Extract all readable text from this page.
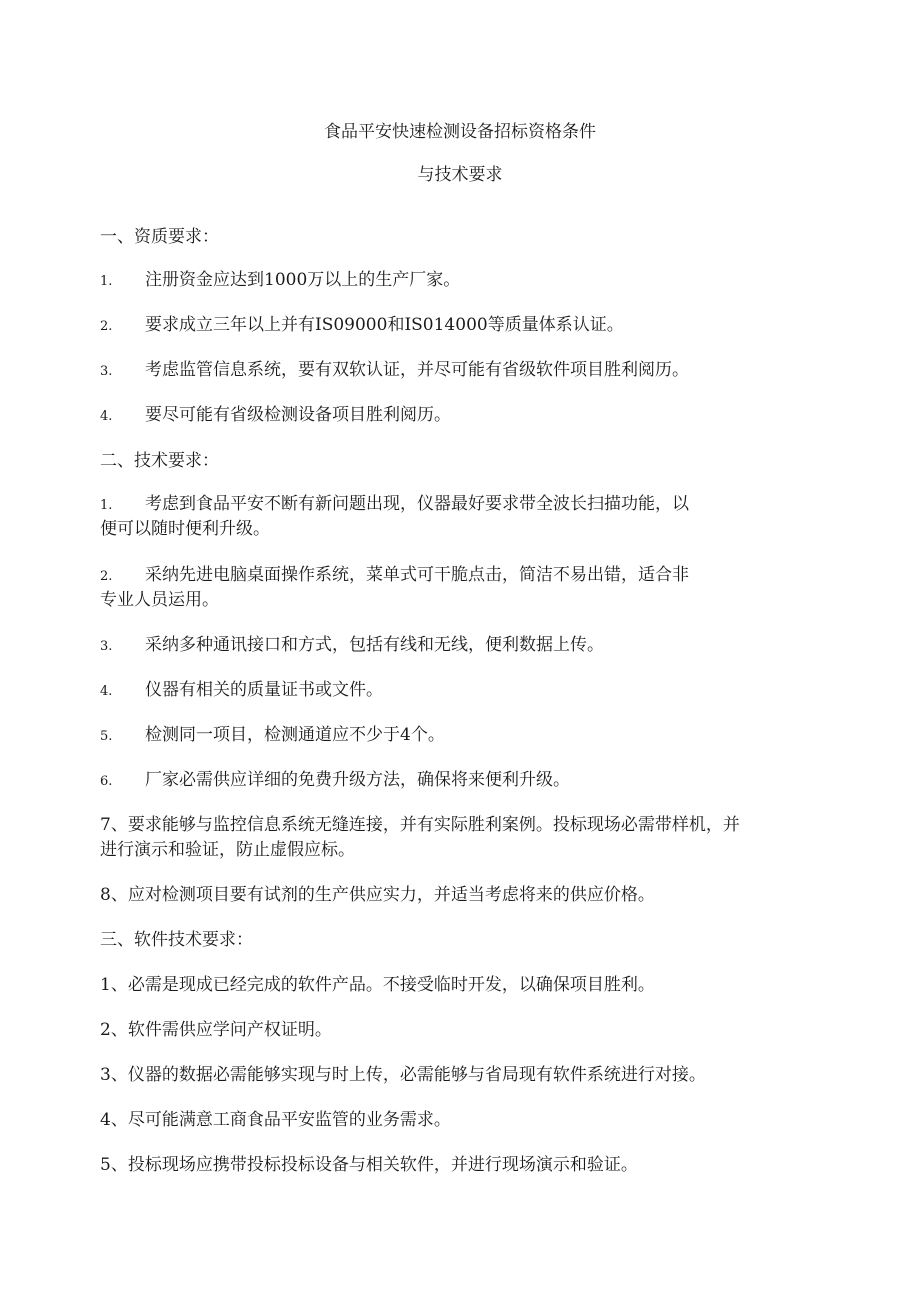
食品平安快速检测设备招标资格条件
与技术要求
一、资质要求：
1. 注册资金应达到1000万以上的生产厂家。
2. 要求成立三年以上并有IS09000和IS014000等质量体系认证。
3. 考虑监管信息系统，要有双软认证，并尽可能有省级软件项目胜利阅历。
4. 要尽可能有省级检测设备项目胜利阅历。
二、技术要求：
1. 考虑到食品平安不断有新问题出现，仪器最好要求带全波长扫描功能，以
便可以随时便利升级。
2. 采纳先进电脑桌面操作系统，菜单式可干脆点击，简洁不易出错，适合非
专业人员运用。
3. 采纳多种通讯接口和方式，包括有线和无线，便利数据上传。
4. 仪器有相关的质量证书或文件。
5. 检测同一项目，检测通道应不少于4个。
6. 厂家必需供应详细的免费升级方法，确保将来便利升级。
7、要求能够与监控信息系统无缝连接，并有实际胜利案例。投标现场必需带样机，并
进行演示和验证，防止虚假应标。
8、应对检测项目要有试剂的生产供应实力，并适当考虑将来的供应价格。
三、软件技术要求：
1、必需是现成已经完成的软件产品。不接受临时开发，以确保项目胜利。
2、软件需供应学问产权证明。
3、仪器的数据必需能够实现与时上传，必需能够与省局现有软件系统进行对接。
4、尽可能满意工商食品平安监管的业务需求。
5、投标现场应携带投标投标设备与相关软件，并进行现场演示和验证。
